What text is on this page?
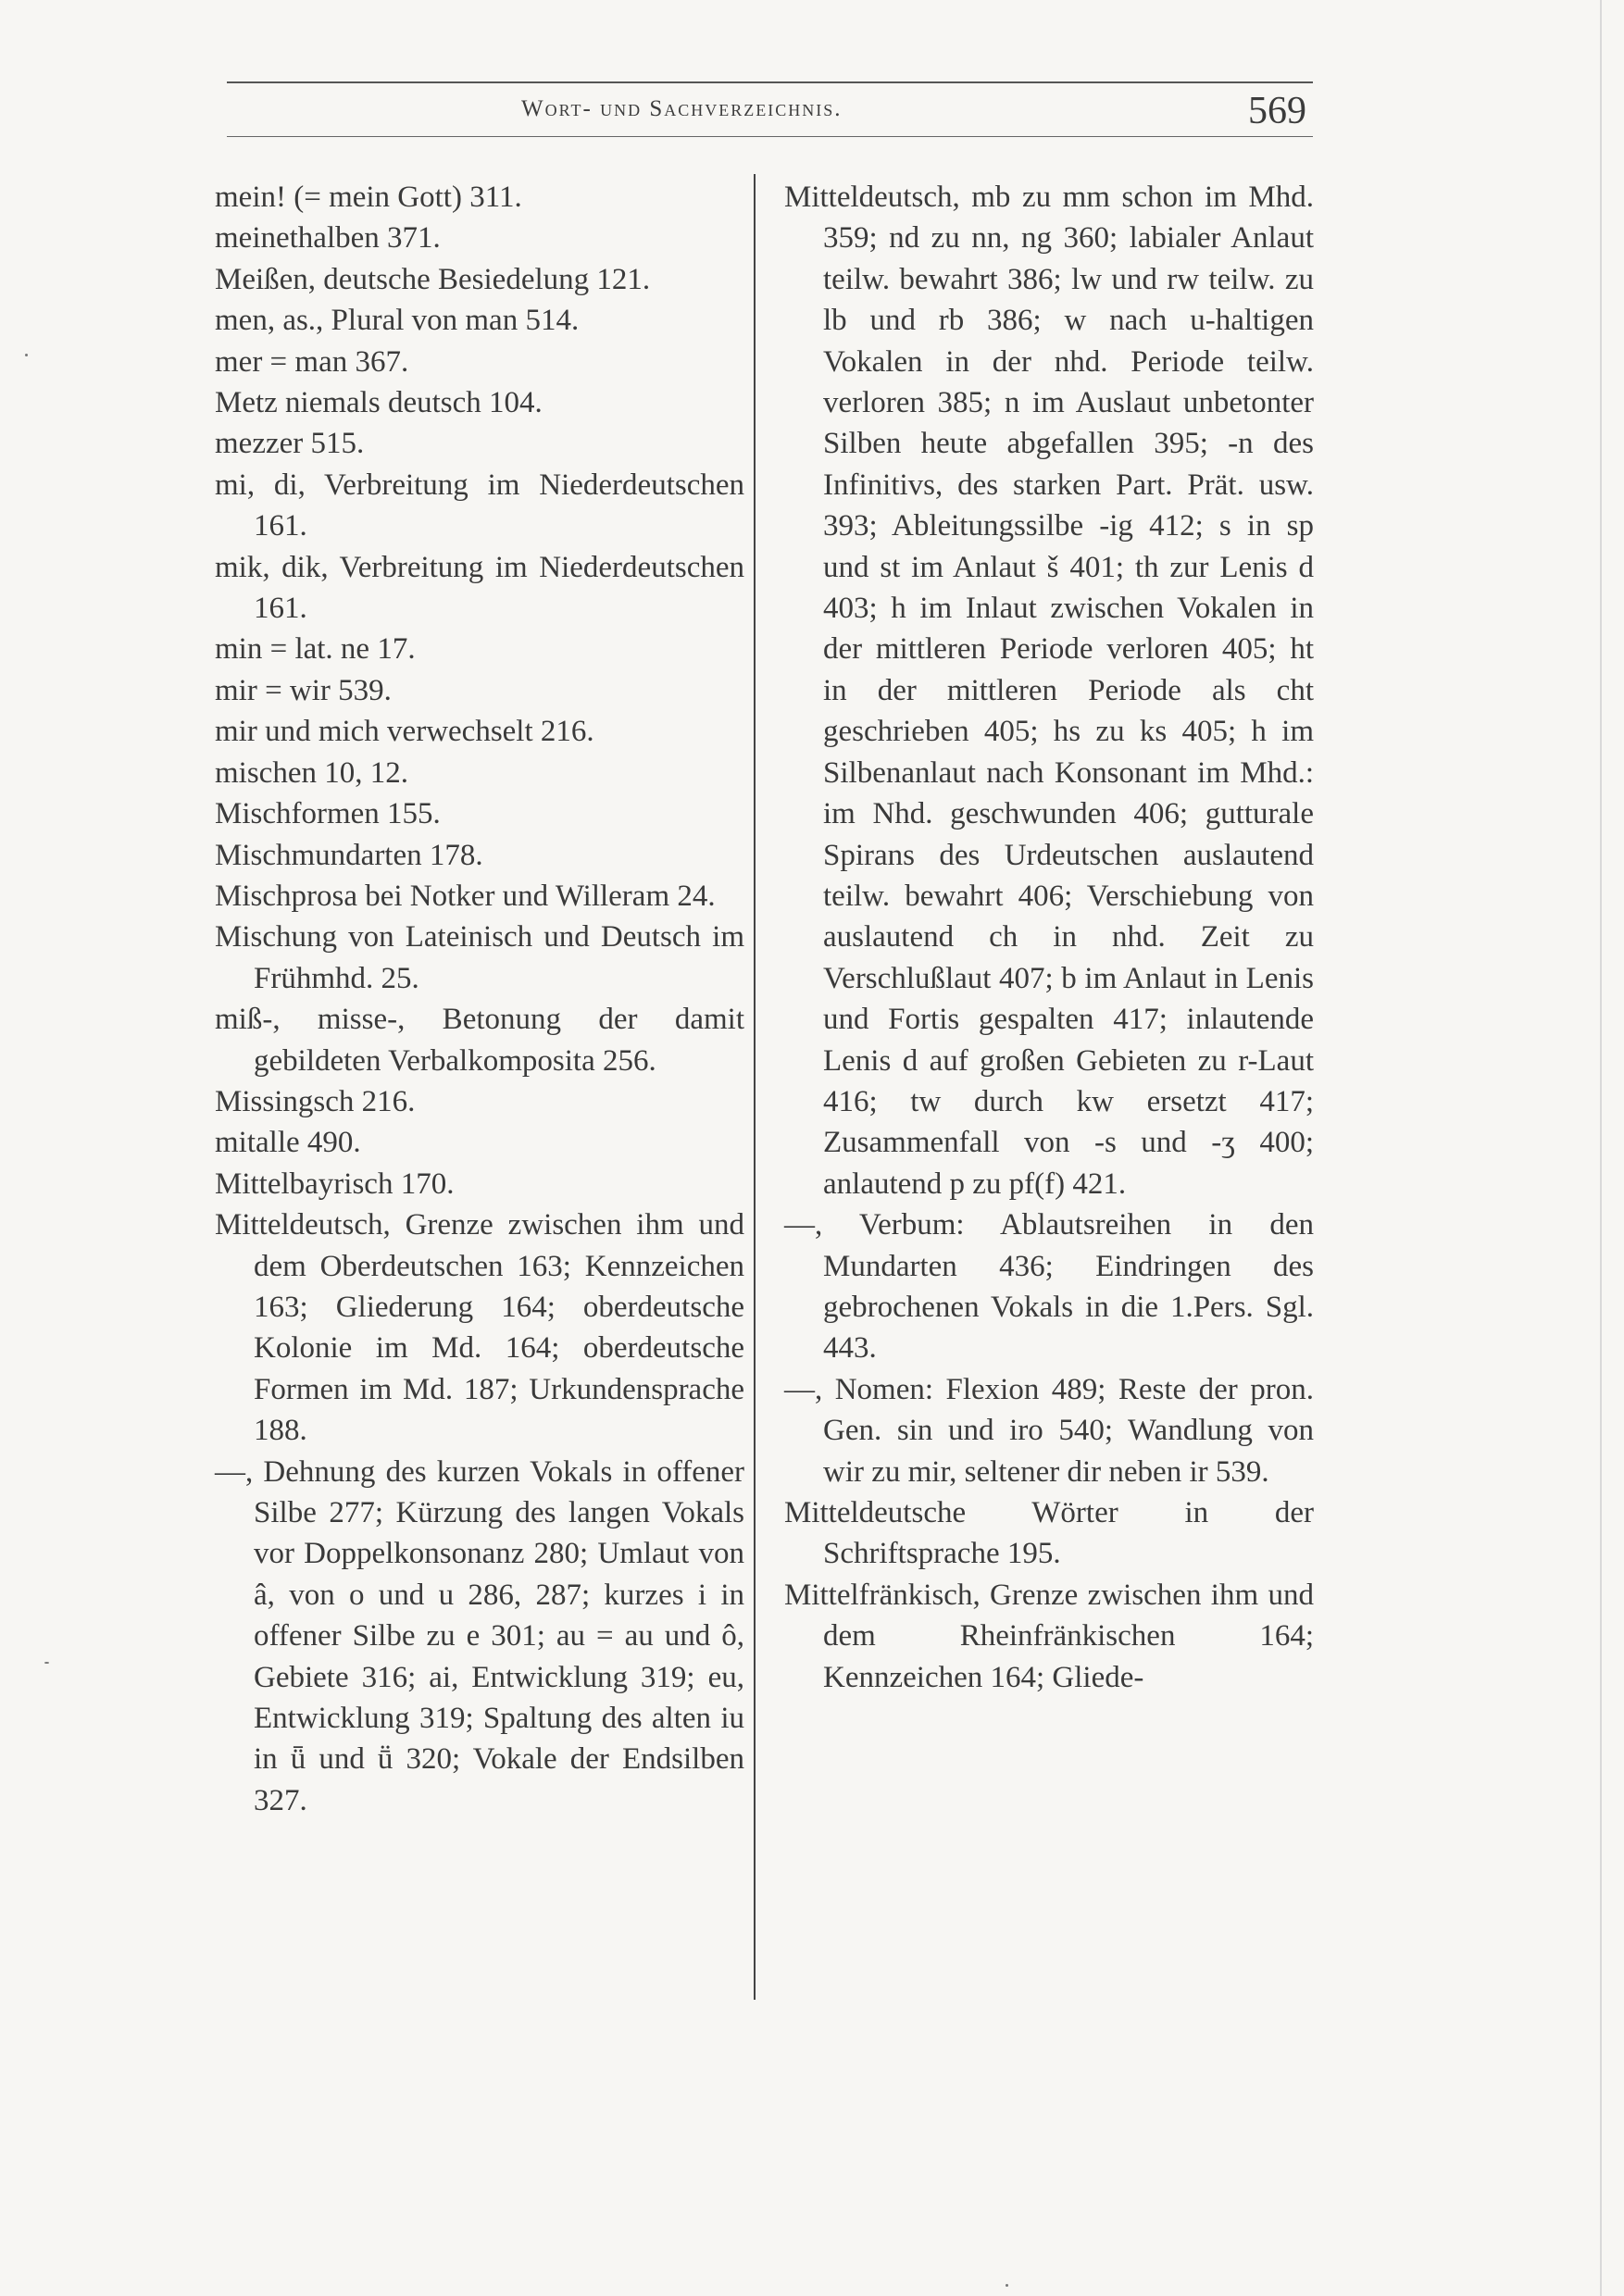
Wort- und Sachverzeichnis.	569

mein! (= mein Gott) 311.

meinethalben 371.

Meißen, deutsche Besiedelung 121.

men, as., Plural von man 514.

mer = man 367.

Metz niemals deutsch 104.

mezzer 515.

mi, di, Verbreitung im Niederdeutschen 161.

mik, dik, Verbreitung im Niederdeutschen 161.

min = lat. ne 17.

mir = wir 539.

mir und mich verwechselt 216.

mischen 10, 12.

Mischformen 155.

Mischmundarten 178.

Mischprosa bei Notker und Willeram 24.

Mischung von Lateinisch und Deutsch im Frühmhd. 25.

miß-, misse-, Betonung der damit gebildeten Verbalkomposita 256.

Missingsch 216.

mitalle 490.

Mittelbayrisch 170.

Mitteldeutsch, Grenze zwischen ihm und dem Oberdeutschen 163; Kennzeichen 163; Gliederung 164; oberdeutsche Kolonie im Md. 164; oberdeutsche Formen im Md. 187; Urkundensprache 188.

—, Dehnung des kurzen Vokals in offener Silbe 277; Kürzung des langen Vokals vor Doppelkonsonanz 280; Umlaut von â, von o und u 286, 287; kurzes i in offener Silbe zu e 301; au = au und ô, Gebiete 316; ai, Entwicklung 319; eu, Entwicklung 319; Spaltung des alten iu in ǖ und ṻ 320; Vokale der Endsilben 327.

Mitteldeutsch, mb zu mm schon im Mhd. 359; nd zu nn, ng 360; labialer Anlaut teilw. bewahrt 386; lw und rw teilw. zu lb und rb 386; w nach u-haltigen Vokalen in der nhd. Periode teilw. verloren 385; n im Auslaut unbetonter Silben heute abgefallen 395; -n des Infinitivs, des starken Part. Prät. usw. 393; Ableitungssilbe -ig 412; s in sp und st im Anlaut š 401; th zur Lenis d 403; h im Inlaut zwischen Vokalen in der mittleren Periode verloren 405; ht in der mittleren Periode als cht geschrieben 405; hs zu ks 405; h im Silbenanlaut nach Konsonant im Mhd.: im Nhd. geschwunden 406; gutturale Spirans des Urdeutschen auslautend teilw. bewahrt 406; Verschiebung von auslautend ch in nhd. Zeit zu Verschlußlaut 407; b im Anlaut in Lenis und Fortis gespalten 417; inlautende Lenis d auf großen Gebieten zu r-Laut 416; tw durch kw ersetzt 417; Zusammenfall von -s und -ʒ 400; anlautend p zu pf(f) 421.

—, Verbum: Ablautsreihen in den Mundarten 436; Eindringen des gebrochenen Vokals in die 1.Pers. Sgl. 443.

—, Nomen: Flexion 489; Reste der pron. Gen. sin und iro 540; Wandlung von wir zu mir, seltener dir neben ir 539.

Mitteldeutsche Wörter in der Schriftsprache 195.

Mittelfränkisch, Grenze zwischen ihm und dem Rheinfränkischen 164; Kennzeichen 164; Gliede-
